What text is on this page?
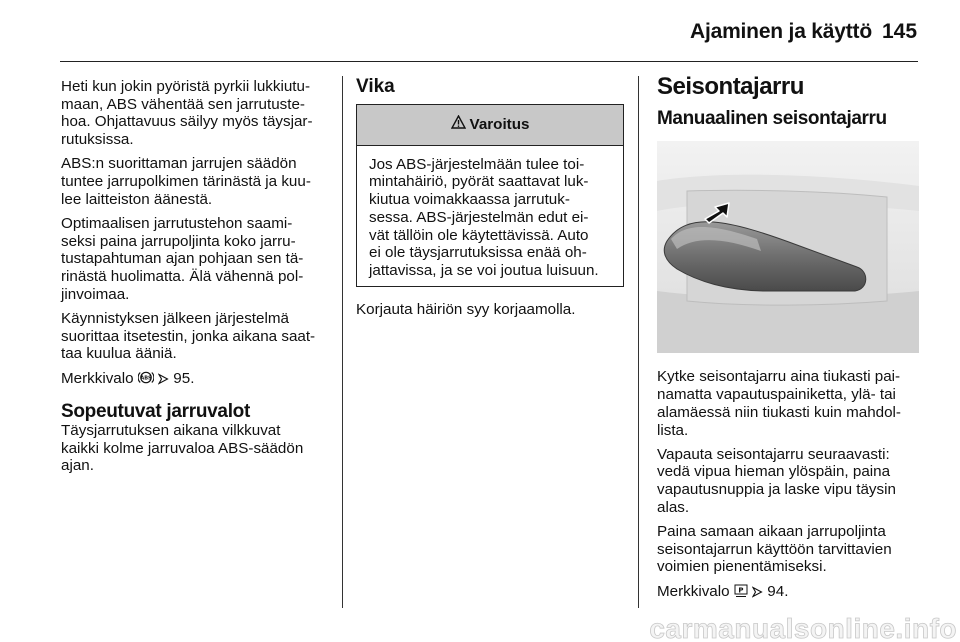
Ajaminen ja käyttö 145

Heti kun jokin pyöristä pyrkii lukkiutu-
maan, ABS vähentää sen jarrutuste-
hoa. Ohjattavuus säilyy myös täysjar-
rutuksissa.

ABS:n suorittaman jarrujen säädön
tuntee jarrupolkimen tärinästä ja kuu-
lee laitteiston äänestä.

Optimaalisen jarrutustehon saami-
seksi paina jarrupoljinta koko jarru-
tustapahtuman ajan pohjaan sen tä-
rinästä huolimatta. Älä vähennä pol-
jinvoimaa.

Käynnistyksen jälkeen järjestelmä
suorittaa itsetestin, jonka aikana saat-
taa kuulua ääniä.

Merkkivalo ABS 95.

Sopeutuvat jarruvalot

Täysjarrutuksen aikana vilkkuvat
kaikki kolme jarruvaloa ABS-säädön
ajan.

Vika
Varoitus
Jos ABS-järjestelmään tulee toi-
mintahäiriö, pyörät saattavat luk-
kiutua voimakkaassa jarrutuk-
sessa. ABS-järjestelmän edut ei-
vät tällöin ole käytettävissä. Auto
ei ole täysjarrutuksissa enää oh-
jattavissa, ja se voi joutua luisuun.

Korjauta häiriön syy korjaamolla.

Seisontajarru
Manuaalinen seisontajarru

Kytke seisontajarru aina tiukasti pai-
namatta vapautuspainiketta, ylä- tai
alamäessä niin tiukasti kuin mahdol-
lista.

Vapauta seisontajarru seuraavasti:
vedä vipua hieman ylöspäin, paina
vapautusnuppia ja laske vipu täysin
alas.

Paina samaan aikaan jarrupoljinta
seisontajarrun käyttöön tarvittavien
voimien pienentämiseksi.

Merkkivalo P 94.

carmanualsonline.info
